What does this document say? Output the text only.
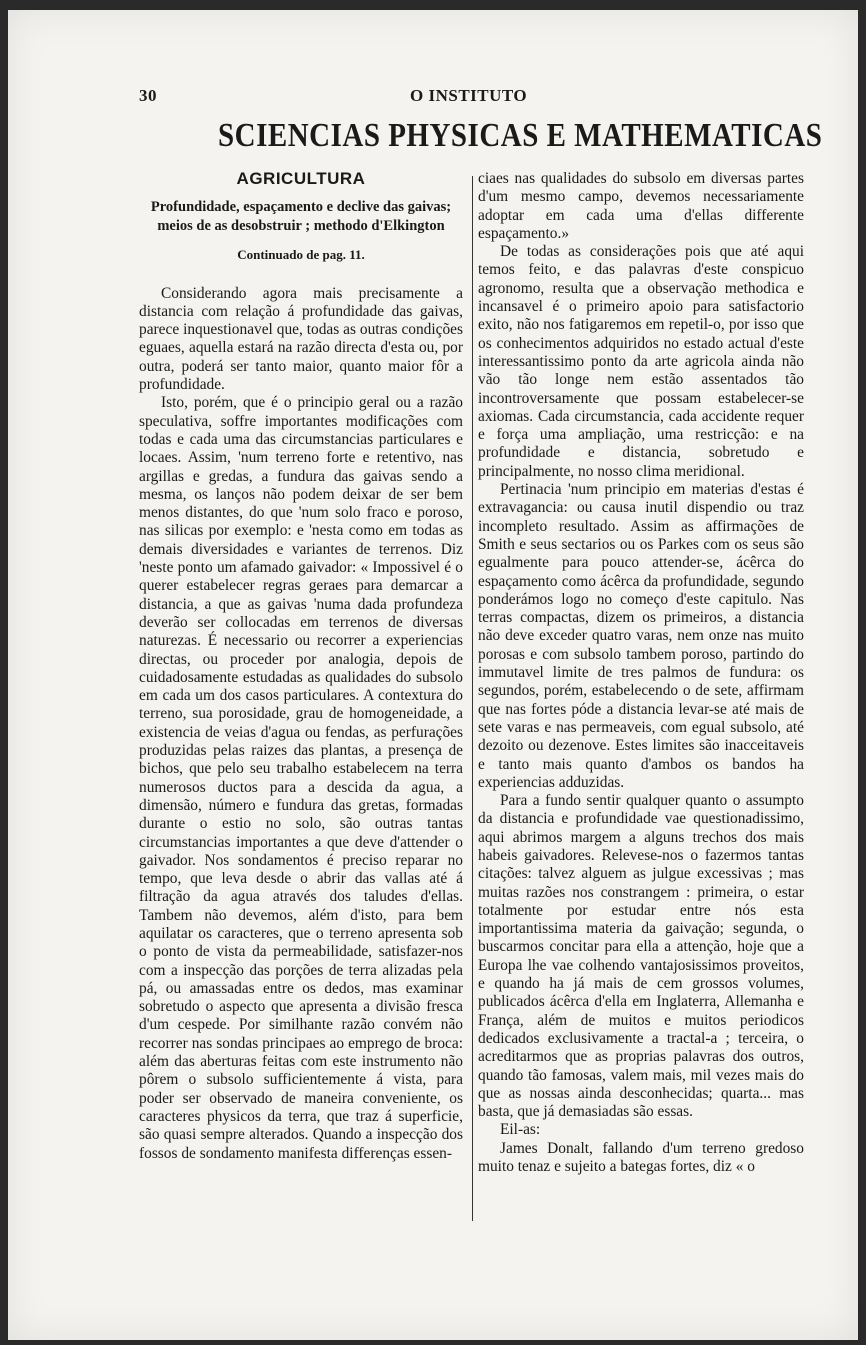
30	O INSTITUTO
SCIENCIAS PHYSICAS E MATHEMATICAS
AGRICULTURA
Profundidade, espaçamento e declive das gaivas; meios de as desobstruir ; methodo d'Elkington
Continuado de pag. 11.

Considerando agora mais precisamente a distancia com relação á profundidade das gaivas, parece inquestionavel que, todas as outras condições eguaes, aquella estará na razão directa d'esta ou, por outra, poderá ser tanto maior, quanto maior fôr a profundidade.

Isto, porém, que é o principio geral ou a razão speculativa, soffre importantes modificações com todas e cada uma das circumstancias particulares e locaes. Assim, 'num terreno forte e retentivo, nas argillas e gredas, a fundura das gaivas sendo a mesma, os lanços não podem deixar de ser bem menos distantes, do que 'num solo fraco e poroso, nas silicas por exemplo: e 'nesta como em todas as demais diversidades e variantes de terrenos. Diz 'neste ponto um afamado gaivador: « Impossivel é o querer estabelecer regras geraes para demarcar a distancia, a que as gaivas 'numa dada profundeza deverão ser collocadas em terrenos de diversas naturezas. É necessario ou recorrer a experiencias directas, ou proceder por analogia, depois de cuidadosamente estudadas as qualidades do subsolo em cada um dos casos particulares. A contextura do terreno, sua porosidade, grau de homogeneidade, a existencia de veias d'agua ou fendas, as perfurações produzidas pelas raizes das plantas, a presença de bichos, que pelo seu trabalho estabelecem na terra numerosos ductos para a descida da agua, a dimensão, número e fundura das gretas, formadas durante o estio no solo, são outras tantas circumstancias importantes a que deve d'attender o gaivador. Nos sondamentos é preciso reparar no tempo, que leva desde o abrir das vallas até á filtração da agua através dos taludes d'ellas. Tambem não devemos, além d'isto, para bem aquilatar os caracteres, que o terreno apresenta sob o ponto de vista da permeabilidade, satisfazer-nos com a inspecção das porções de terra alizadas pela pá, ou amassadas entre os dedos, mas examinar sobretudo o aspecto que apresenta a divisão fresca d'um cespede. Por similhante razão convém não recorrer nas sondas principaes ao emprego de broca: além das aberturas feitas com este instrumento não pôrem o subsolo sufficientemente á vista, para poder ser observado de maneira conveniente, os caracteres physicos da terra, que traz á superficie, são quasi sempre alterados. Quando a inspecção dos fossos de sondamento manifesta differenças essen-

ciaes nas qualidades do subsolo em diversas partes d'um mesmo campo, devemos necessariamente adoptar em cada uma d'ellas differente espaçamento.»

De todas as considerações pois que até aqui temos feito, e das palavras d'este conspicuo agronomo, resulta que a observação methodica e incansavel é o primeiro apoio para satisfactorio exito, não nos fatigaremos em repetil-o, por isso que os conhecimentos adquiridos no estado actual d'este interessantissimo ponto da arte agricola ainda não vão tão longe nem estão assentados tão incontroversamente que possam estabelecer-se axiomas. Cada circumstancia, cada accidente requer e força uma ampliação, uma restricção: e na profundidade e distancia, sobretudo e principalmente, no nosso clima meridional.

Pertinacia 'num principio em materias d'estas é extravagancia: ou causa inutil dispendio ou traz incompleto resultado. Assim as affirmações de Smith e seus sectarios ou os Parkes com os seus são egualmente para pouco attender-se, ácêrca do espaçamento como ácêrca da profundidade, segundo ponderámos logo no começo d'este capitulo. Nas terras compactas, dizem os primeiros, a distancia não deve exceder quatro varas, nem onze nas muito porosas e com subsolo tambem poroso, partindo do immutavel limite de tres palmos de fundura: os segundos, porém, estabelecendo o de sete, affirmam que nas fortes póde a distancia levar-se até mais de sete varas e nas permeaveis, com egual subsolo, até dezoito ou dezenove. Estes limites são inacceitaveis e tanto mais quanto d'ambos os bandos ha experiencias adduzidas.

Para a fundo sentir qualquer quanto o assumpto da distancia e profundidade vae questionadissimo, aqui abrimos margem a alguns trechos dos mais habeis gaivadores. Relevese-nos o fazermos tantas citações: talvez alguem as julgue excessivas ; mas muitas razões nos constrangem : primeira, o estar totalmente por estudar entre nós esta importantissima materia da gaivação; segunda, o buscarmos concitar para ella a attenção, hoje que a Europa lhe vae colhendo vantajosissimos proveitos, e quando ha já mais de cem grossos volumes, publicados ácêrca d'ella em Inglaterra, Allemanha e França, além de muitos e muitos periodicos dedicados exclusivamente a tractal-a ; terceira, o acreditarmos que as proprias palavras dos outros, quando tão famosas, valem mais, mil vezes mais do que as nossas ainda desconhecidas; quarta... mas basta, que já demasiadas são essas.

Eil-as:

James Donalt, fallando d'um terreno gredoso muito tenaz e sujeito a bategas fortes, diz « o
